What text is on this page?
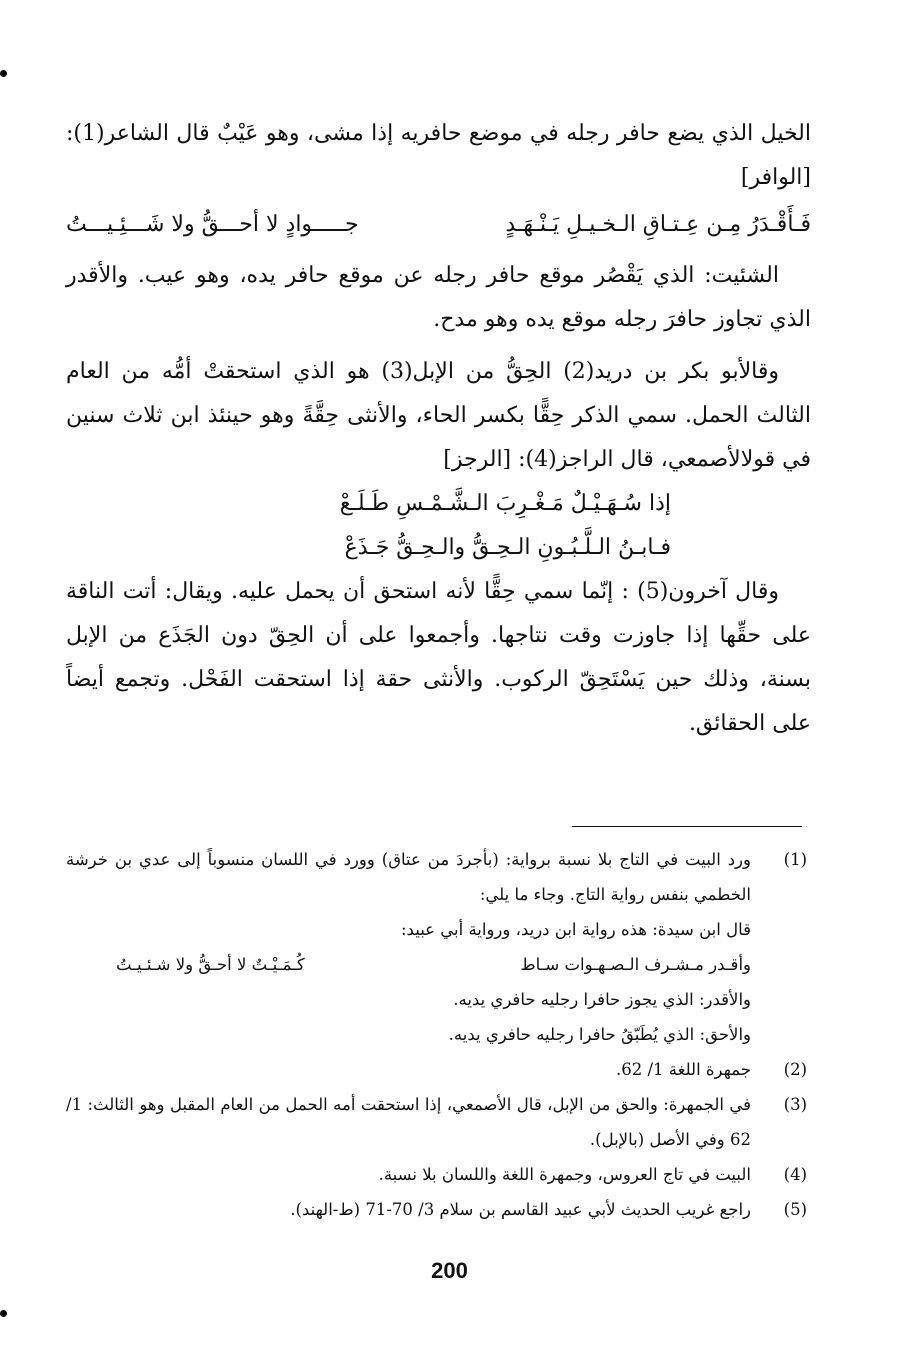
الخيل الذي يضع حافر رجله في موضع حافريه إذا مشى، وهو عَيْبٌ قال الشاعر(1): [الوافر]

فَـأَقْـدَرُ مِـن عِـتـاقِ الـخـيـلِ يَـنْـهَـدٍ
جـــــوادٍ لا أحـــقُّ ولا شَـــئِـيـــتُ

الشئيت: الذي يَقْصُر موقع حافر رجله عن موقع حافر يده، وهو عيب. والأقدر الذي تجاوز حافرَ رجله موقع يده وهو مدح.

وقالأبو بكر بن دريد(2) الحِقُّ من الإبل(3) هو الذي استحقتْ أمُّه من العام الثالث الحمل. سمي الذكر حِقًّا بكسر الحاء، والأنثى حِقَّةً وهو حينئذ ابن ثلاث سنين في قولالأصمعي، قال الراجز(4): [الرجز]

إذا سُـهَـيْـلٌ مَـغْـرِبَ الـشَّـمْـسِ طَـلَـعْ
فـابـنُ الـلَّـبُـونِ الـحِـقُّ والـحِـقُّ جَـذَعْ

وقال آخرون(5) : إنّما سمي حِقًّا لأنه استحق أن يحمل عليه. ويقال: أتت الناقة على حقِّها إذا جاوزت وقت نتاجها. وأجمعوا على أن الحِقّ دون الجَذَع من الإبل بسنة، وذلك حين يَسْتَحِقّ الركوب. والأنثى حقة إذا استحقت الفَحْل. وتجمع أيضاً على الحقائق.

(1)
ورد البيت في التاج بلا نسبة برواية: (بأجردَ من عتاق) وورد في اللسان منسوباً إلى عدي بن خرشة الخطمي بنفس رواية التاج. وجاء ما يلي:
قال ابن سيدة: هذه رواية ابن دريد، ورواية أبي عبيد:
وأقـدر مـشـرف الـصـهـوات سـاط
كُـمَـيْـتٌ لا أحـقُّ ولا شـئـيـتُ
والأقدر: الذي يجوز حافرا رجليه حافري يديه.
والأحق: الذي يُطَبّقُ حافرا رجليه حافري يديه.
(2)
جمهرة اللغة 1/ 62.
(3)
في الجمهرة: والحق من الإبل، قال الأصمعي، إذا استحقت أمه الحمل من العام المقبل وهو الثالث: 1/ 62 وفي الأصل (بالإبل).
(4)
البيت في تاج العروس، وجمهرة اللغة واللسان بلا نسبة.
(5)
راجع غريب الحديث لأبي عبيد القاسم بن سلام 3/ 70-71 (ط-الهند).
200
